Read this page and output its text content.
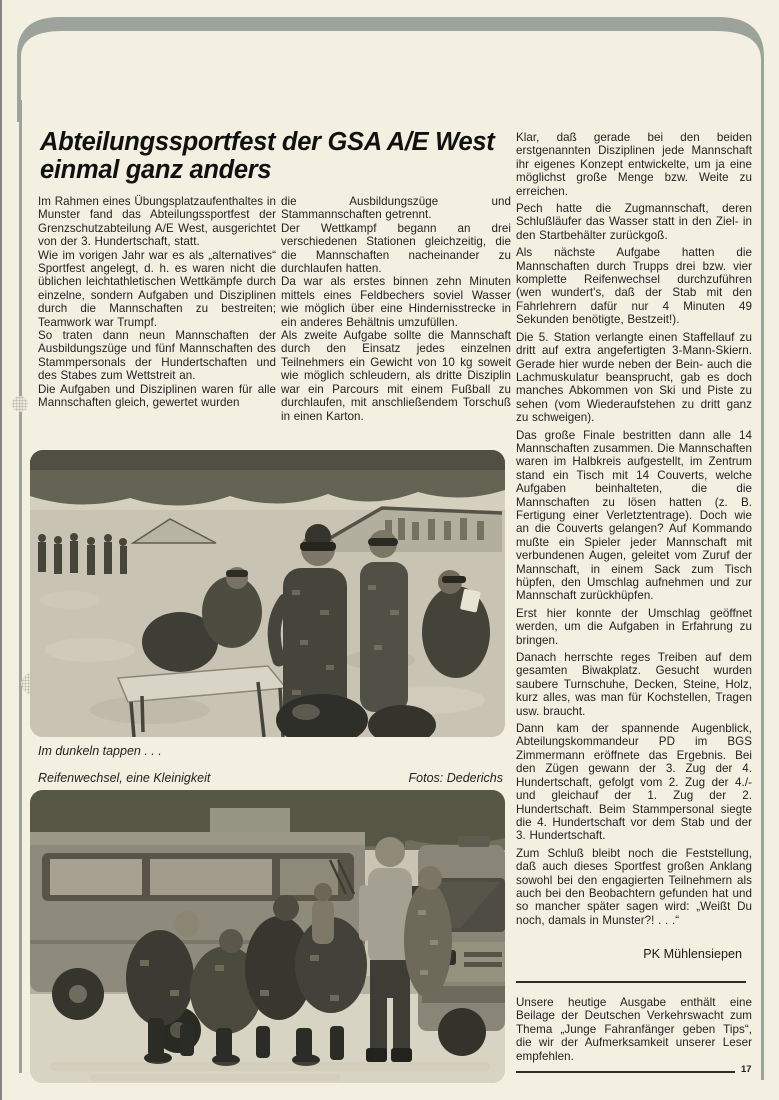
Abteilungssportfest der GSA A/E West
einmal ganz anders

Im Rahmen eines Übungsplatzaufenthaltes in Munster fand das Abteilungssportfest der Grenzschutzabteilung A/E West, ausgerichtet von der 3. Hundertschaft, statt.

Wie im vorigen Jahr war es als „alternatives“ Sportfest angelegt, d. h. es waren nicht die üblichen leichtathletischen Wettkämpfe durch einzelne, sondern Aufgaben und Disziplinen durch die Mannschaften zu bestreiten; Teamwork war Trumpf.

So traten dann neun Mannschaften der Ausbildungszüge und fünf Mannschaften des Stammpersonals der Hundertschaften und des Stabes zum Wettstreit an.

Die Aufgaben und Disziplinen waren für alle Mannschaften gleich, gewertet wurden

die Ausbildungszüge und Stammannschaften getrennt.

Der Wettkampf begann an drei verschiedenen Stationen gleichzeitig, die die Mannschaften nacheinander zu durchlaufen hatten.

Da war als erstes binnen zehn Minuten mittels eines Feldbechers soviel Wasser wie möglich über eine Hindernisstrecke in ein anderes Behältnis umzufüllen.

Als zweite Aufgabe sollte die Mannschaft durch den Einsatz jedes einzelnen Teilnehmers ein Gewicht von 10 kg soweit wie möglich schleudern, als dritte Disziplin war ein Parcours mit einem Fußball zu durchlaufen, mit anschließendem Torschuß in einen Karton.

Klar, daß gerade bei den beiden erstgenannten Disziplinen jede Mannschaft ihr eigenes Konzept entwickelte, um ja eine möglichst große Menge bzw. Weite zu erreichen.

Pech hatte die Zugmannschaft, deren Schlußläufer das Wasser statt in den Ziel- in den Startbehälter zurückgoß.

Als nächste Aufgabe hatten die Mannschaften durch Trupps drei bzw. vier komplette Reifenwechsel durchzuführen (wen wundert's, daß der Stab mit den Fahrlehrern dafür nur 4 Minuten 49 Sekunden benötigte, Bestzeit!).

Die 5. Station verlangte einen Staffellauf zu dritt auf extra angefertigten 3-Mann-Skiern. Gerade hier wurde neben der Bein- auch die Lachmuskulatur beansprucht, gab es doch manches Abkommen von Ski und Piste zu sehen (vom Wiederaufstehen zu dritt ganz zu schweigen).

Das große Finale bestritten dann alle 14 Mannschaften zusammen. Die Mannschaften waren im Halbkreis aufgestellt, im Zentrum stand ein Tisch mit 14 Couverts, welche Aufgaben beinhalteten, die die Mannschaften zu lösen hatten (z. B. Fertigung einer Verletztentrage). Doch wie an die Couverts gelangen? Auf Kommando mußte ein Spieler jeder Mannschaft mit verbundenen Augen, geleitet vom Zuruf der Mannschaft, in einem Sack zum Tisch hüpfen, den Umschlag aufnehmen und zur Mannschaft zurückhüpfen.

Erst hier konnte der Umschlag geöffnet werden, um die Aufgaben in Erfahrung zu bringen.

Danach herrschte reges Treiben auf dem gesamten Biwakplatz. Gesucht wurden saubere Turnschuhe, Decken, Steine, Holz, kurz alles, was man für Kochstellen, Tragen usw. braucht.

Dann kam der spannende Augenblick, Abteilungskommandeur PD im BGS Zimmermann eröffnete das Ergebnis. Bei den Zügen gewann der 3. Zug der 4. Hundertschaft, gefolgt vom 2. Zug der 4./- und gleichauf der 1. Zug der 2. Hundertschaft. Beim Stammpersonal siegte die 4. Hundertschaft vor dem Stab und der 3. Hundertschaft.

Zum Schluß bleibt noch die Feststellung, daß auch dieses Sportfest großen Anklang sowohl bei den engagierten Teilnehmern als auch bei den Beobachtern gefunden hat und so mancher später sagen wird: „Weißt Du noch, damals in Munster?! . . .“

Im dunkeln tappen . . .
Reifenwechsel, eine Kleinigkeit	Fotos: Dederichs
PK Mühlensiepen
Unsere heutige Ausgabe enthält eine Beilage der Deutschen Verkehrswacht zum Thema „Junge Fahranfänger geben Tips“, die wir der Aufmerksamkeit unserer Leser empfehlen.
17
